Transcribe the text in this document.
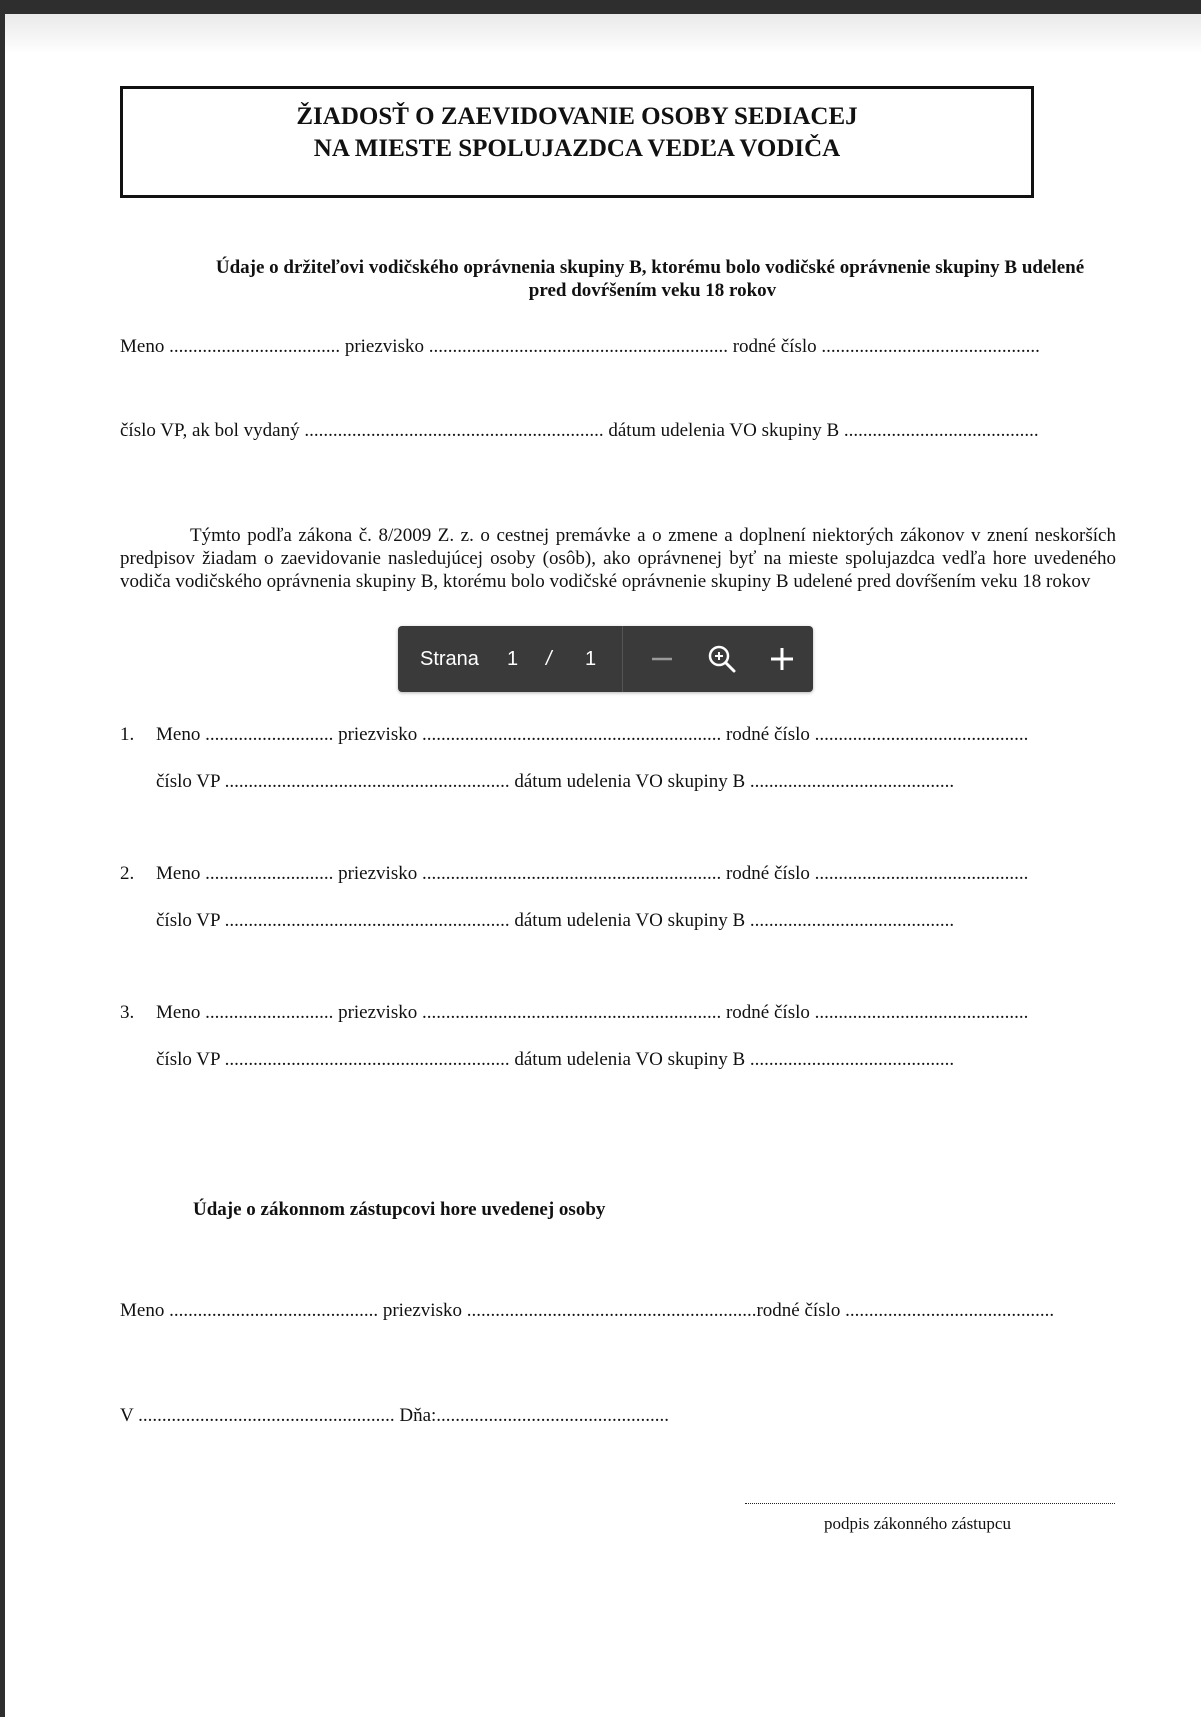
ŽIADOSŤ O ZAEVIDOVANIE OSOBY SEDIACEJ
NA MIESTE SPOLUJAZDCA VEDĽA VODIČA
Údaje o držiteľovi vodičského oprávnenia skupiny B, ktorému bolo vodičské oprávnenie skupiny B udelené
pred dovŕšením veku 18 rokov
Meno .................................... priezvisko ............................................................... rodné číslo ..............................................
číslo VP, ak bol vydaný ............................................................... dátum udelenia VO skupiny B .........................................
Týmto podľa zákona č. 8/2009 Z. z. o cestnej premávke a o zmene a doplnení niektorých zákonov v znení neskorších predpisov žiadam o zaevidovanie nasledujúcej osoby (osôb), ako oprávnenej byť na mieste spolujazdca vedľa hore uvedeného vodiča vodičského oprávnenia skupiny B, ktorému bolo vodičské oprávnenie skupiny B udelené pred dovŕšením veku 18 rokov
Strana 1 / 1
1. Meno ........................... priezvisko ............................................................... rodné číslo .............................................
číslo VP ............................................................ dátum udelenia VO skupiny B ...........................................
2. Meno ........................... priezvisko ............................................................... rodné číslo .............................................
číslo VP ............................................................ dátum udelenia VO skupiny B ...........................................
3. Meno ........................... priezvisko ............................................................... rodné číslo .............................................
číslo VP ............................................................ dátum udelenia VO skupiny B ...........................................
Údaje o zákonnom zástupcovi hore uvedenej osoby
Meno ............................................ priezvisko .............................................................rodné číslo ............................................
V ...................................................... Dňa:.................................................
podpis zákonného zástupcu
